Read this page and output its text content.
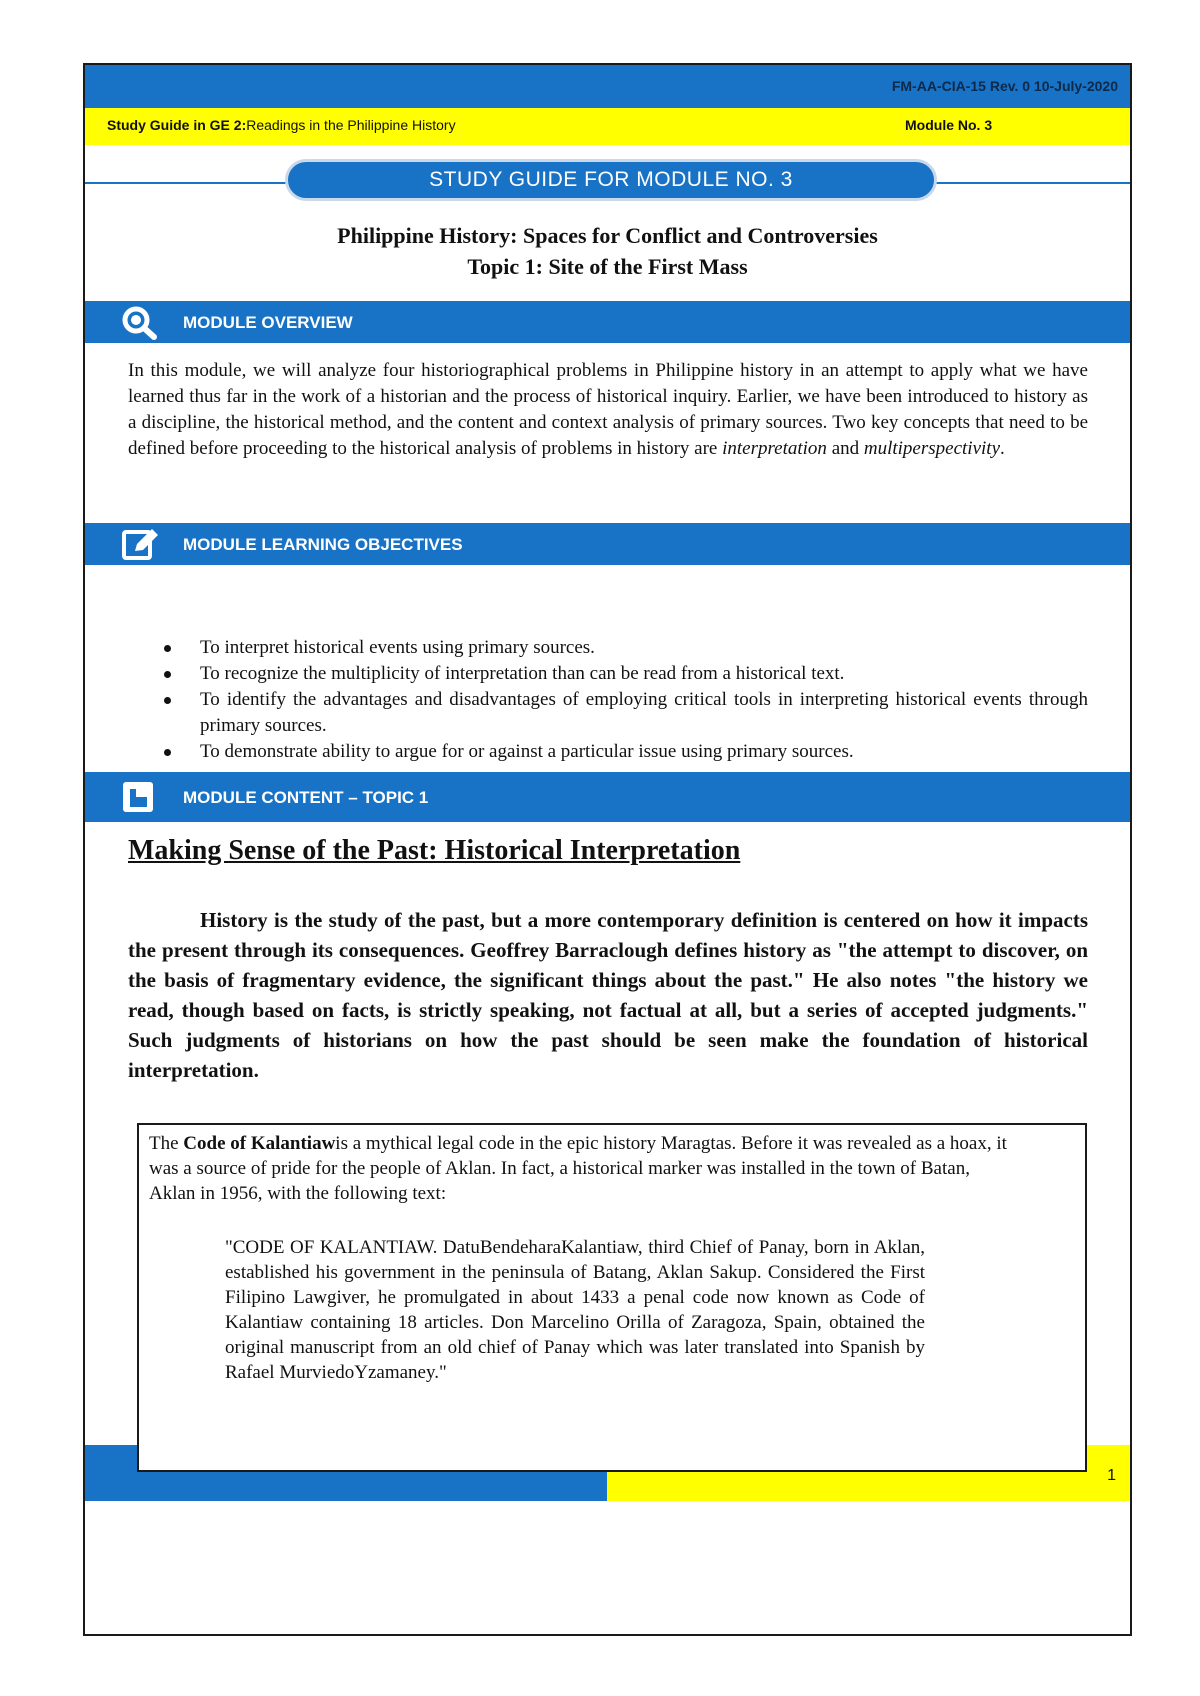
FM-AA-CIA-15 Rev. 0 10-July-2020
Study Guide in GE 2:Readings in the Philippine History	Module No. 3
STUDY GUIDE FOR MODULE NO. 3
Philippine History: Spaces for Conflict and Controversies
Topic 1: Site of the First Mass
MODULE OVERVIEW
In this module, we will analyze four historiographical problems in Philippine history in an attempt to apply what we have learned thus far in the work of a historian and the process of historical inquiry. Earlier, we have been introduced to history as a discipline, the historical method, and the content and context analysis of primary sources. Two key concepts that need to be defined before proceeding to the historical analysis of problems in history are interpretation and multiperspectivity.
MODULE LEARNING OBJECTIVES
To interpret historical events using primary sources.
To recognize the multiplicity of interpretation than can be read from a historical text.
To identify the advantages and disadvantages of employing critical tools in interpreting historical events through primary sources.
To demonstrate ability to argue for or against a particular issue using primary sources.
MODULE CONTENT – TOPIC 1
Making Sense of the Past: Historical Interpretation
History is the study of the past, but a more contemporary definition is centered on how it impacts the present through its consequences. Geoffrey Barraclough defines history as "the attempt to discover, on the basis of fragmentary evidence, the significant things about the past." He also notes "the history we read, though based on facts, is strictly speaking, not factual at all, but a series of accepted judgments." Such judgments of historians on how the past should be seen make the foundation of historical interpretation.
1
The Code of Kalantiawis a mythical legal code in the epic history Maragtas. Before it was revealed as a hoax, it was a source of pride for the people of Aklan. In fact, a historical marker was installed in the town of Batan, Aklan in 1956, with the following text:
"CODE OF KALANTIAW. DatuBendeharaKalantiaw, third Chief of Panay, born in Aklan, established his government in the peninsula of Batang, Aklan Sakup. Considered the First Filipino Lawgiver, he promulgated in about 1433 a penal code now known as Code of Kalantiaw containing 18 articles. Don Marcelino Orilla of Zaragoza, Spain, obtained the original manuscript from an old chief of Panay which was later translated into Spanish by Rafael MurviedoYzamaney."
